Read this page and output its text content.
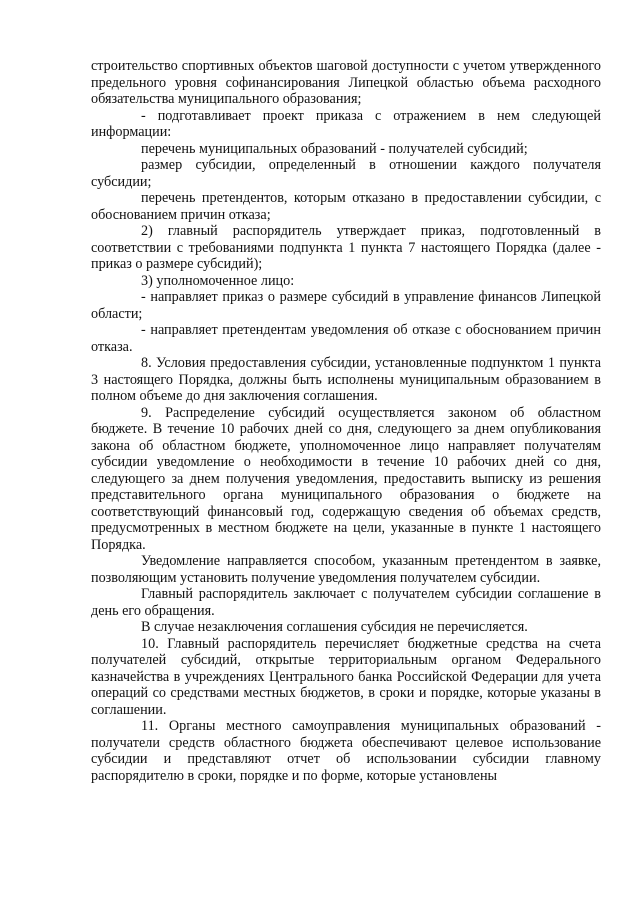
строительство спортивных объектов шаговой доступности с учетом утвержденного предельного уровня софинансирования Липецкой областью объема расходного обязательства муниципального образования;

- подготавливает проект приказа с отражением в нем следующей информации:

перечень муниципальных образований - получателей субсидий;

размер субсидии, определенный в отношении каждого получателя субсидии;

перечень претендентов, которым отказано в предоставлении субсидии, с обоснованием причин отказа;

2) главный распорядитель утверждает приказ, подготовленный в соответствии с требованиями подпункта 1 пункта 7 настоящего Порядка (далее - приказ о размере субсидий);

3) уполномоченное лицо:

- направляет приказ о размере субсидий в управление финансов Липецкой области;

- направляет претендентам уведомления об отказе с обоснованием причин отказа.

8. Условия предоставления субсидии, установленные подпунктом 1 пункта 3 настоящего Порядка, должны быть исполнены муниципальным образованием в полном объеме до дня заключения соглашения.

9. Распределение субсидий осуществляется законом об областном бюджете. В течение 10 рабочих дней со дня, следующего за днем опубликования закона об областном бюджете, уполномоченное лицо направляет получателям субсидии уведомление о необходимости в течение 10 рабочих дней со дня, следующего за днем получения уведомления, предоставить выписку из решения представительного органа муниципального образования о бюджете на соответствующий финансовый год, содержащую сведения об объемах средств, предусмотренных в местном бюджете на цели, указанные в пункте 1 настоящего Порядка.

Уведомление направляется способом, указанным претендентом в заявке, позволяющим установить получение уведомления получателем субсидии.

Главный распорядитель заключает с получателем субсидии соглашение в день его обращения.

В случае незаключения соглашения субсидия не перечисляется.

10. Главный распорядитель перечисляет бюджетные средства на счета получателей субсидий, открытые территориальным органом Федерального казначейства в учреждениях Центрального банка Российской Федерации для учета операций со средствами местных бюджетов, в сроки и порядке, которые указаны в соглашении.

11. Органы местного самоуправления муниципальных образований - получатели средств областного бюджета обеспечивают целевое использование субсидии и представляют отчет об использовании субсидии главному распорядителю в сроки, порядке и по форме, которые установлены
